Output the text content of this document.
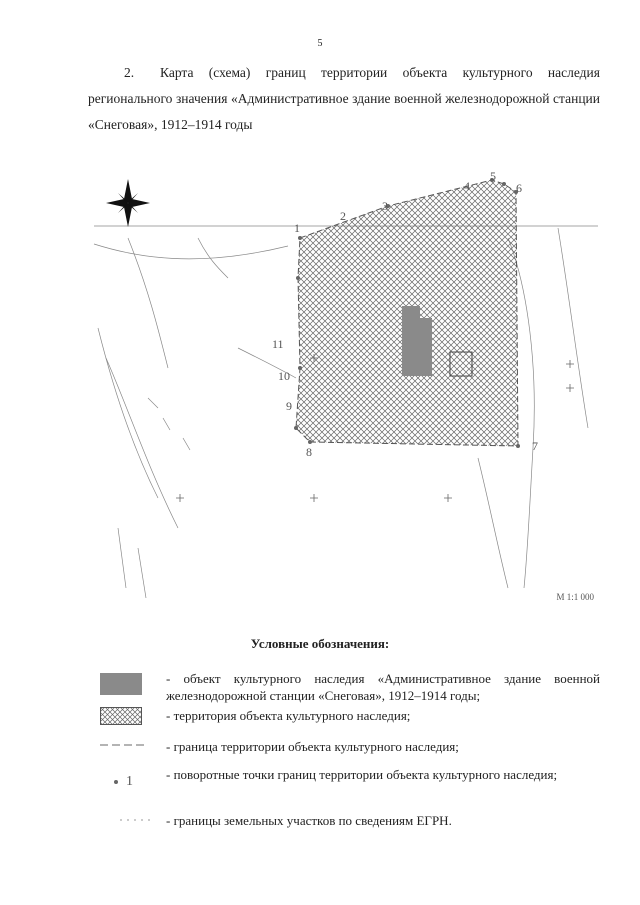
5
2. Карта (схема) границ территории объекта культурного наследия регионального значения «Административное здание военной железнодорожной станции «Снеговая», 1912–1914 годы
1
2
3
4
5
6
7
8
9
10
11
М 1:1 000
Условные обозначения:
- объект культурного наследия «Административное здание военной железнодорожной станции «Снеговая», 1912–1914 годы;
- территория объекта культурного наследия;
- граница территории объекта культурного наследия;
1	- поворотные точки границ территории объекта культурного наследия;
- границы земельных участков по сведениям ЕГРН.
